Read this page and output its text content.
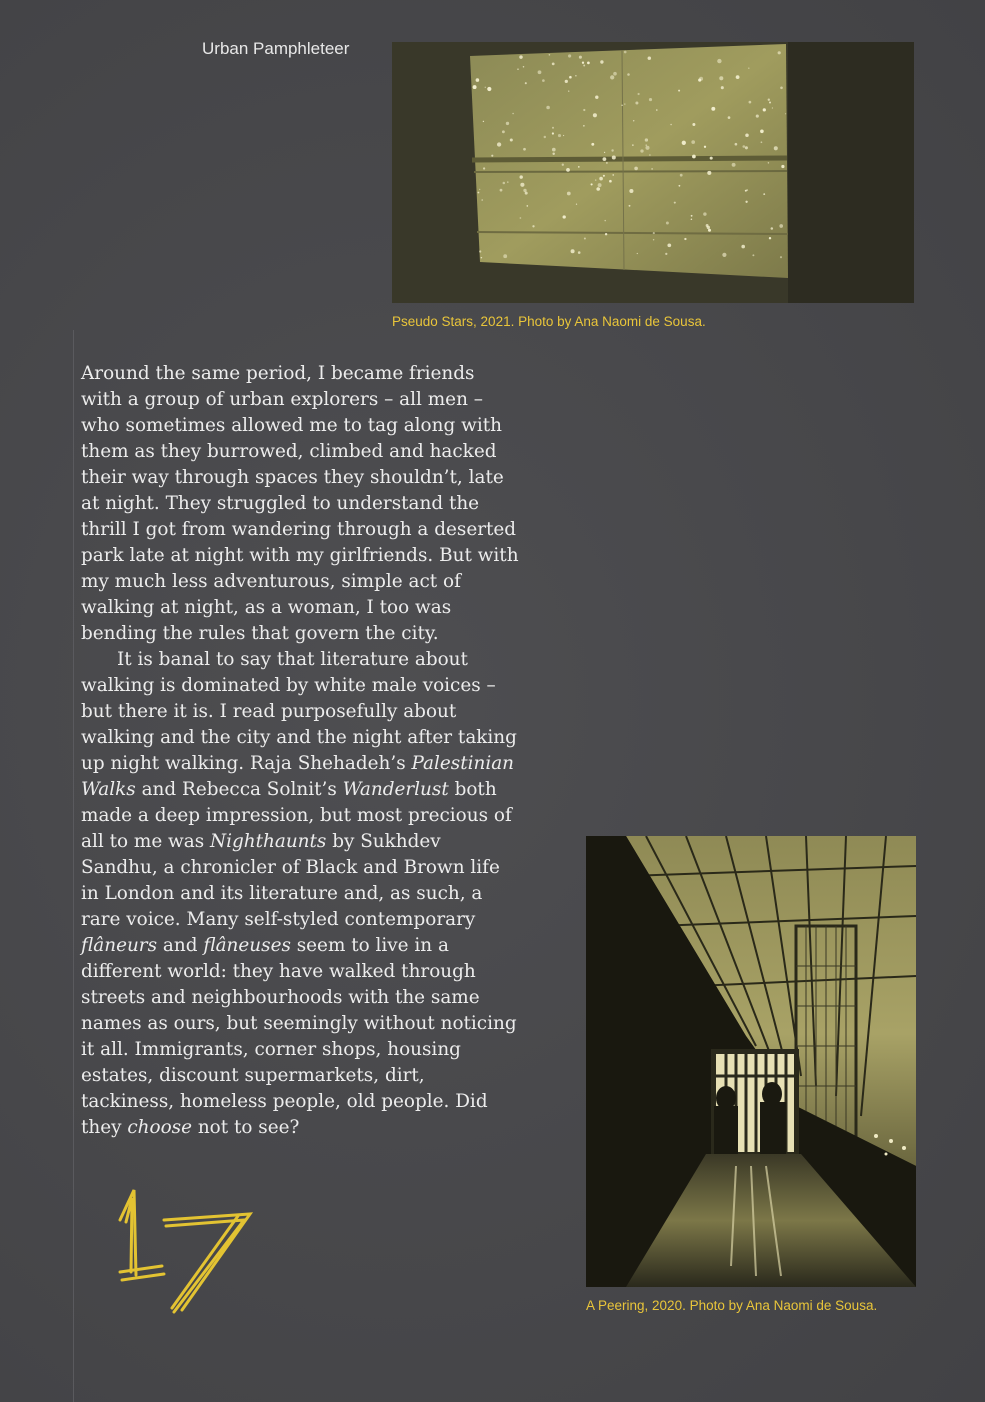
Urban Pamphleteer
Pseudo Stars, 2021. Photo by Ana Naomi de Sousa.

Around the same period, I became friends with a group of urban explorers – all men – who sometimes allowed me to tag along with them as they burrowed, climbed and hacked their way through spaces they shouldn’t, late at night. They struggled to understand the thrill I got from wandering through a deserted park late at night with my girlfriends. But with my much less adventurous, simple act of walking at night, as a woman, I too was bending the rules that govern the city.

It is banal to say that literature about walking is dominated by white male voices – but there it is. I read purposefully about walking and the city and the night after taking up night walking. Raja Shehadeh’s Palestinian Walks and Rebecca Solnit’s Wanderlust both made a deep impression, but most precious of all to me was Nighthaunts by Sukhdev Sandhu, a chronicler of Black and Brown life in London and its literature and, as such, a rare voice. Many self-styled contemporary flâneurs and flâneuses seem to live in a different world: they have walked through streets and neighbourhoods with the same names as ours, but seemingly without noticing it all. Immigrants, corner shops, housing estates, discount supermarkets, dirt, tackiness, homeless people, old people. Did they choose not to see?

A Peering, 2020. Photo by Ana Naomi de Sousa.
